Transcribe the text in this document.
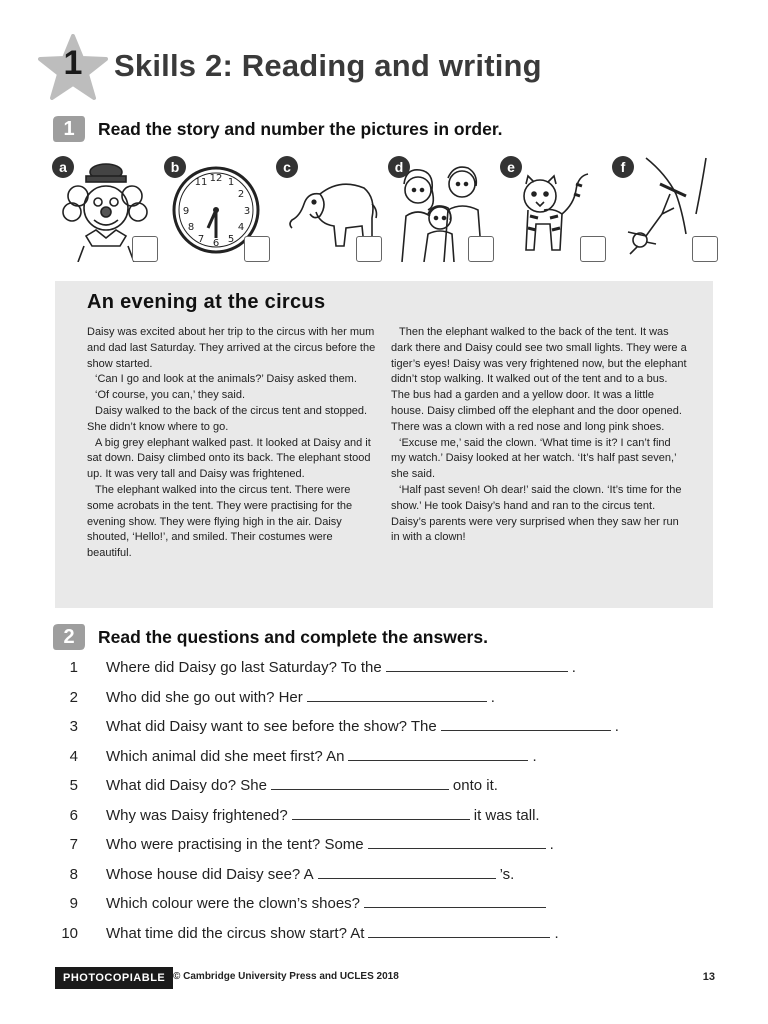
1	Skills 2: Reading and writing
1 Read the story and number the pictures in order.
a	b
12
11 1
2
3
9
4
8
5
7 6
c	d	e	f
An evening at the circus

Daisy was excited about her trip to the circus with her mum and dad last Saturday. They arrived at the circus before the show started.

‘Can I go and look at the animals?’ Daisy asked them.

‘Of course, you can,’ they said.

Daisy walked to the back of the circus tent and stopped. She didn’t know where to go.

A big grey elephant walked past. It looked at Daisy and it sat down. Daisy climbed onto its back. The elephant stood up. It was very tall and Daisy was frightened.

The elephant walked into the circus tent. There were some acrobats in the tent. They were practising for the evening show. They were flying high in the air. Daisy shouted, ‘Hello!’, and smiled. Their costumes were beautiful.

Then the elephant walked to the back of the tent. It was dark there and Daisy could see two small lights. They were a tiger’s eyes! Daisy was very frightened now, but the elephant didn’t stop walking. It walked out of the tent and to a bus. The bus had a garden and a yellow door. It was a little house. Daisy climbed off the elephant and the door opened. There was a clown with a red nose and long pink shoes.

‘Excuse me,’ said the clown. ‘What time is it? I can’t find my watch.’ Daisy looked at her watch. ‘It’s half past seven,’ she said.

‘Half past seven! Oh dear!’ said the clown. ‘It’s time for the show.’ He took Daisy’s hand and ran to the circus tent. Daisy’s parents were very surprised when they saw her run in with a clown!

2 Read the questions and complete the answers.
1 Where did Daisy go last Saturday? To the	.
2 Who did she go out with? Her	.
3 What did Daisy want to see before the show? The	.
4 Which animal did she meet first? An	.
5 What did Daisy do? She	onto it.
6 Why was Daisy frightened?	it was tall.
7 Who were practising in the tent? Some	.
8 Whose house did Daisy see? A	’s.
9 Which colour were the clown’s shoes?
10 What time did the circus show start? At	.
PHOTOCOPIABLE © Cambridge University Press and UCLES 2018	13
